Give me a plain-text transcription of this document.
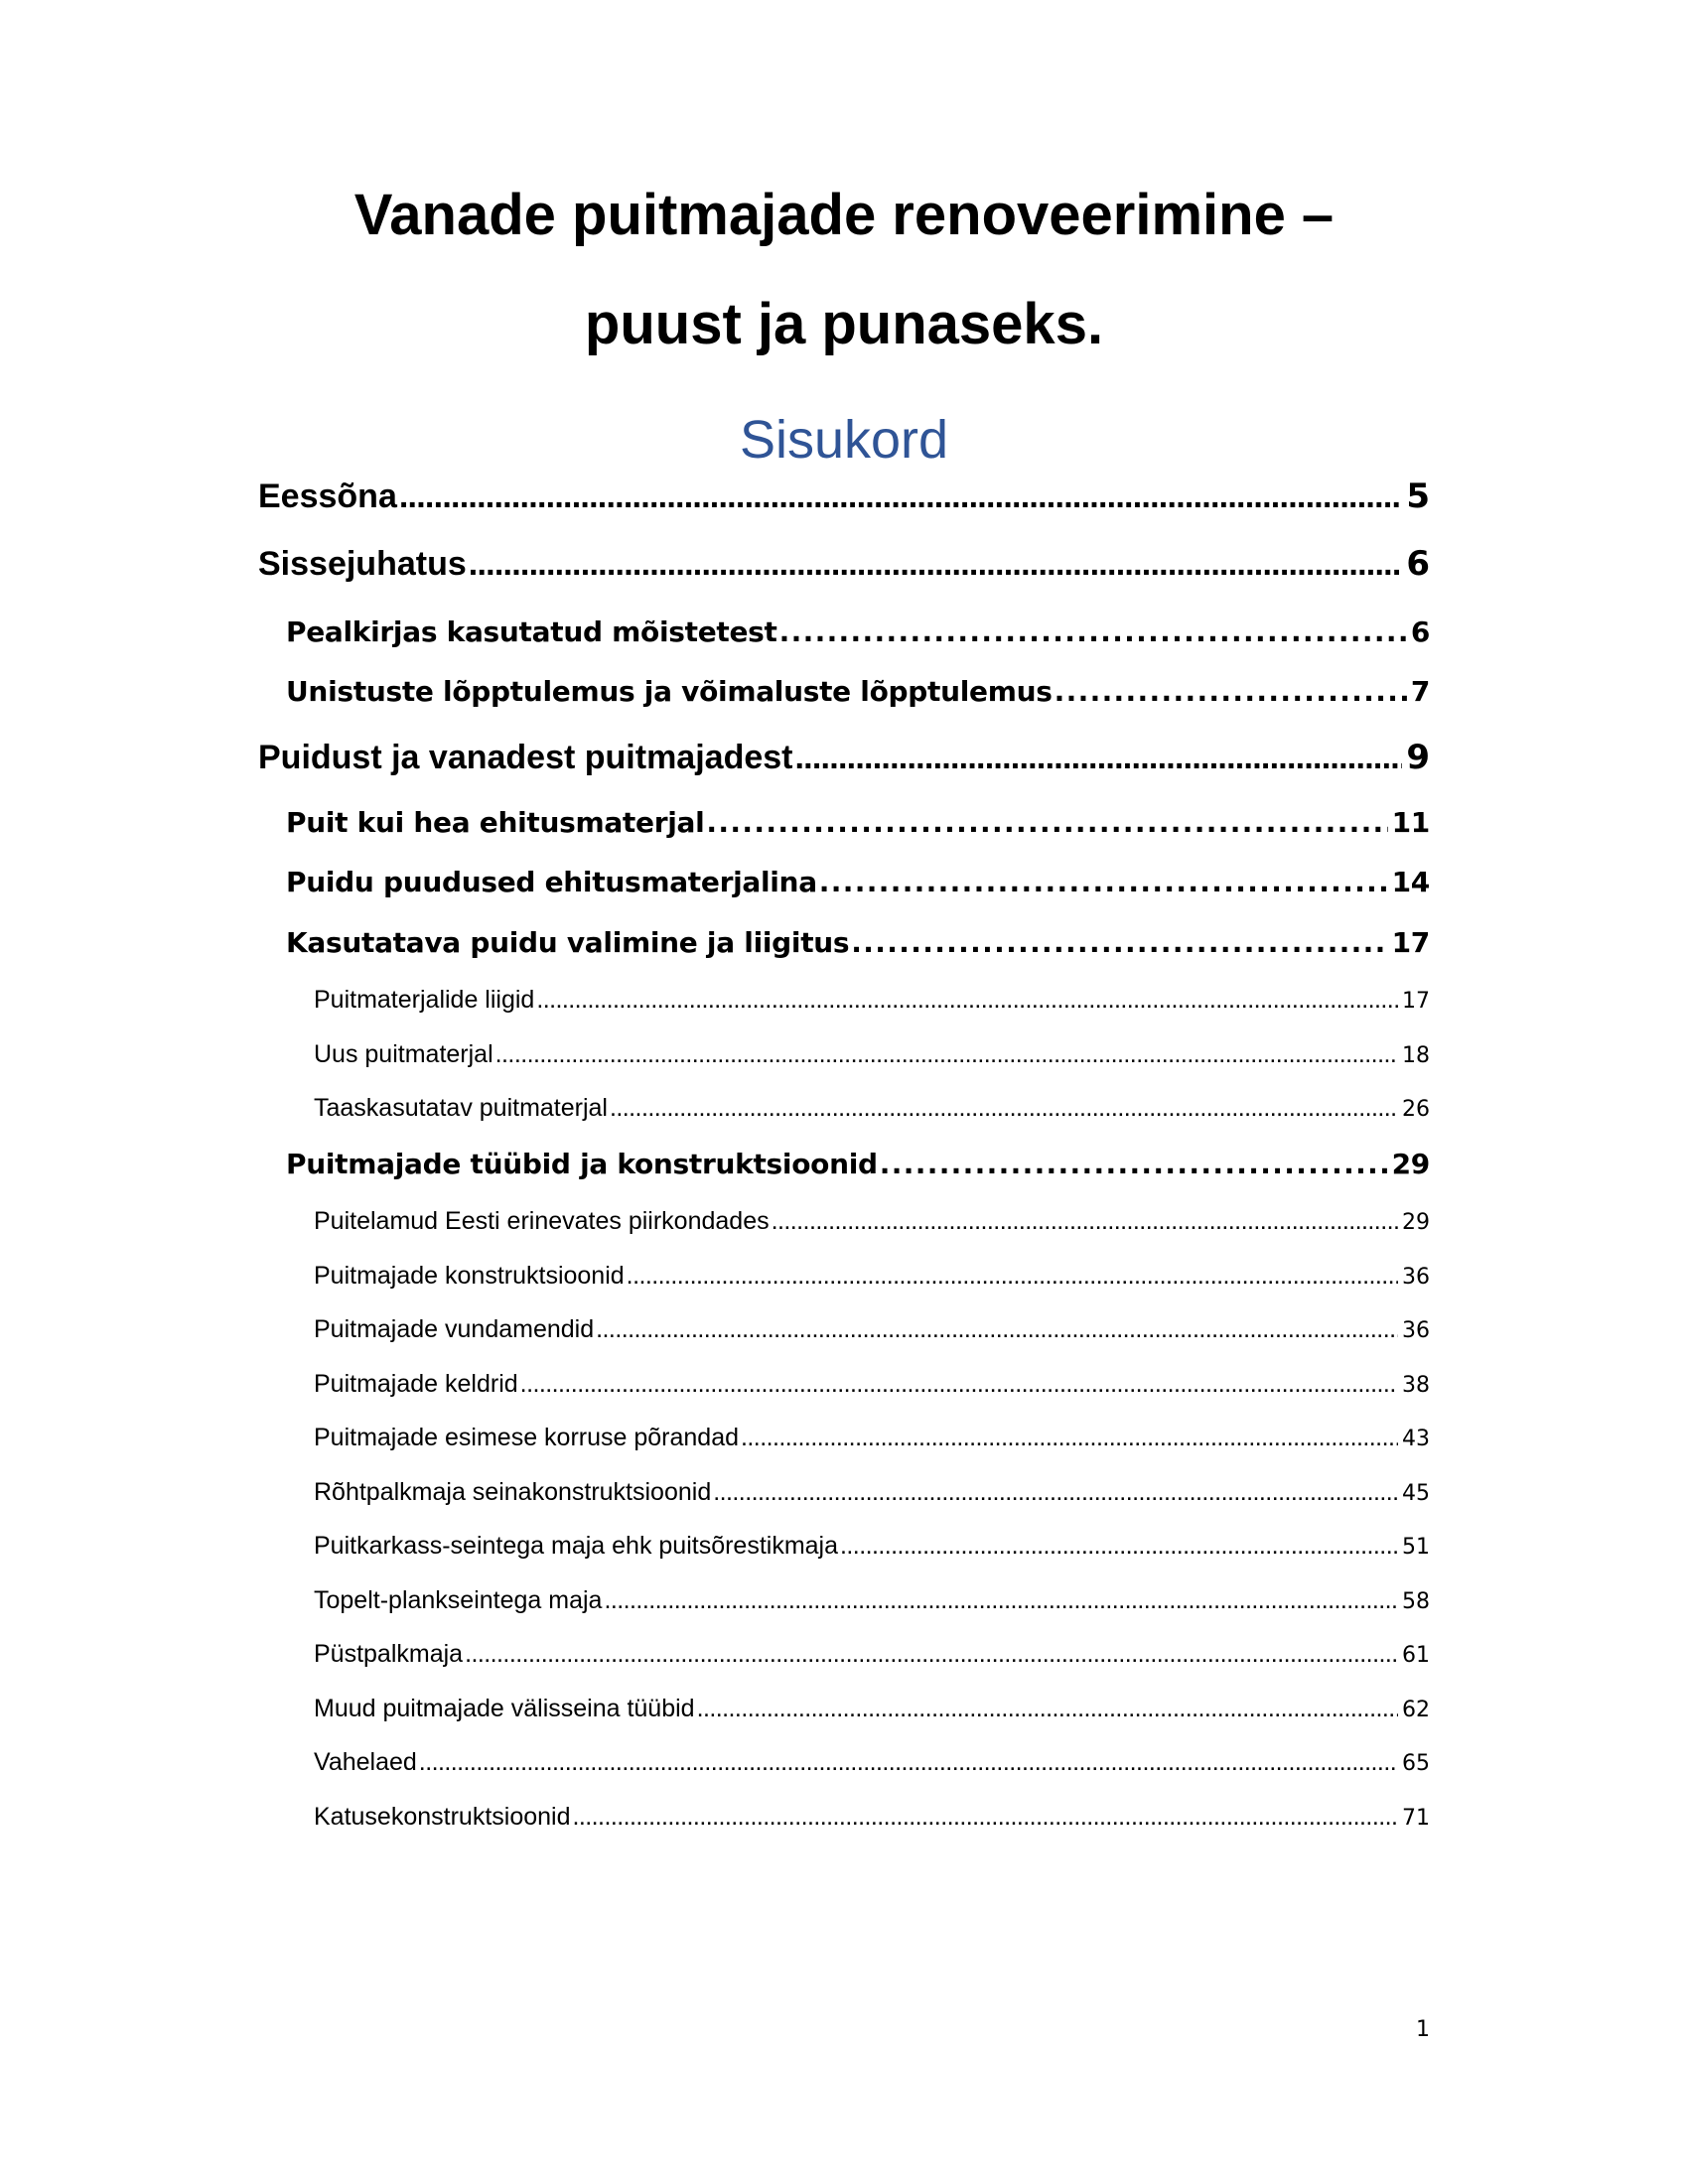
Vanade puitmajade renoveerimine –
puust ja punaseks.
Sisukord
Eessõna . . .	5
Sissejuhatus . . .	6
Pealkirjas kasutatud mõistetest . . .	6
Unistuste lõpptulemus ja võimaluste lõpptulemus . . .	7
Puidust ja vanadest puitmajadest . . .	9
Puit kui hea ehitusmaterjal . . .	11
Puidu puudused ehitusmaterjalina . . .	14
Kasutatava puidu valimine ja liigitus . . .	17
Puitmaterjalide liigid . . .	17
Uus puitmaterjal . . .	18
Taaskasutatav puitmaterjal . . .	26
Puitmajade tüübid ja konstruktsioonid . . .	29
Puitelamud Eesti erinevates piirkondades . . .	29
Puitmajade konstruktsioonid . . .	36
Puitmajade vundamendid . . .	36
Puitmajade keldrid . . .	38
Puitmajade esimese korruse põrandad . . .	43
Rõhtpalkmaja seinakonstruktsioonid . . .	45
Puitkarkass-seintega maja ehk puitsõrestikmaja . . .	51
Topelt-plankseintega maja . . .	58
Püstpalkmaja . . .	61
Muud puitmajade välisseina tüübid . . .	62
Vahelaed . . .	65
Katusekonstruktsioonid . . .	71
1
